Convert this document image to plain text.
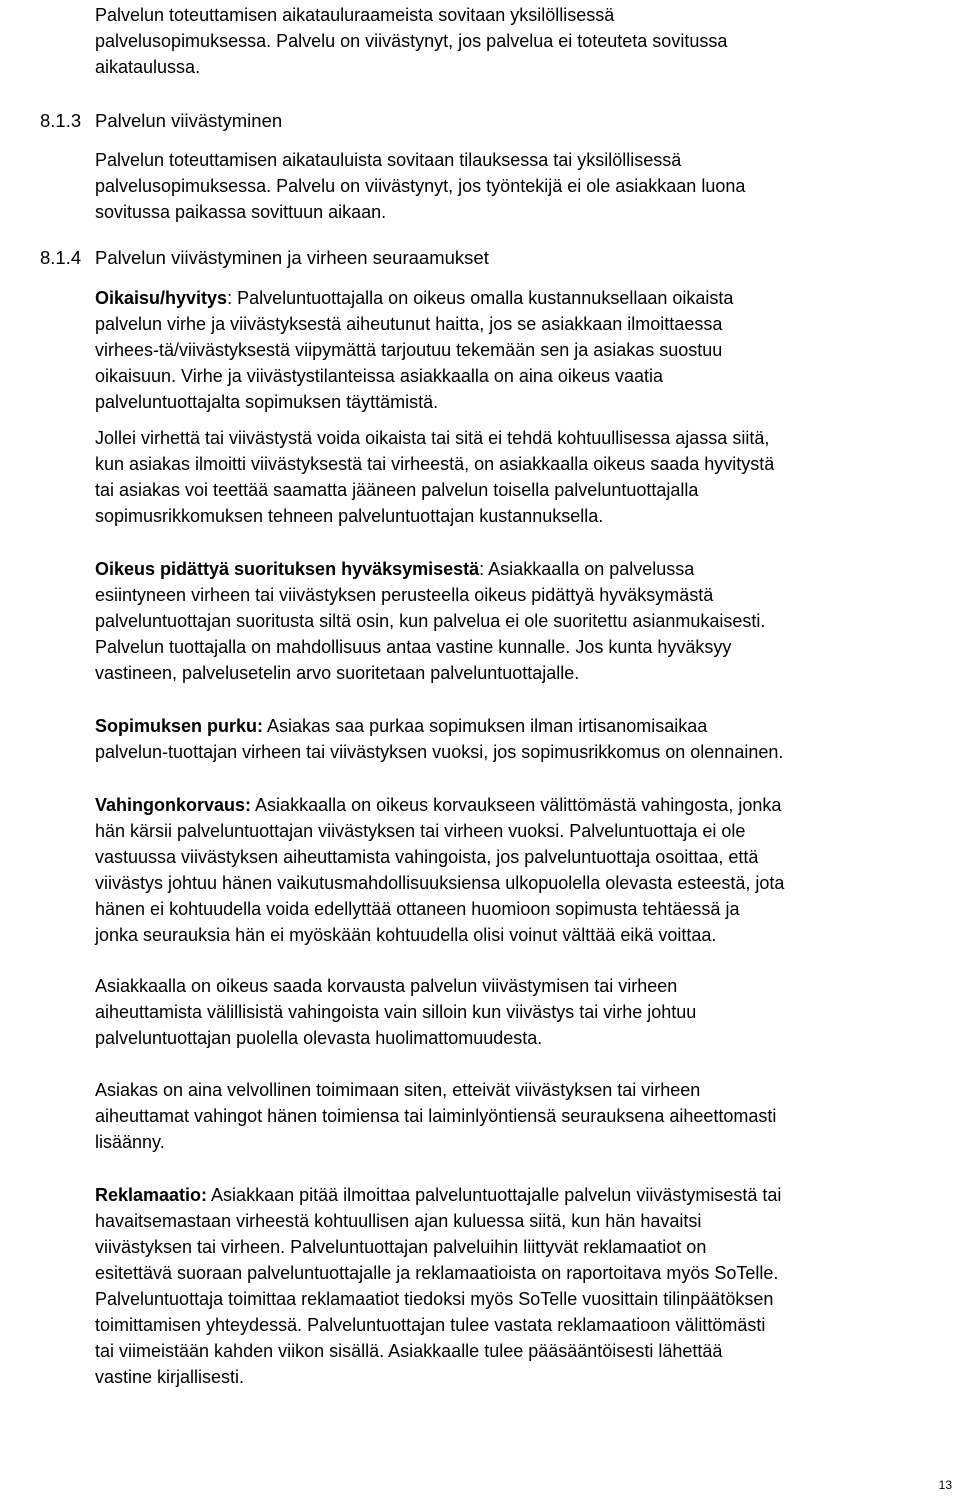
Palvelun toteuttamisen aikatauluraameista sovitaan yksilöllisessä
palvelusopimuksessa. Palvelu on viivästynyt, jos palvelua ei toteuteta sovitussa
aikataulussa.

8.1.3 Palvelun viivästyminen

Palvelun toteuttamisen aikatauluista sovitaan tilauksessa tai yksilöllisessä
palvelusopimuksessa. Palvelu on viivästynyt, jos työntekijä ei ole asiakkaan luona
sovitussa paikassa sovittuun aikaan.

8.1.4 Palvelun viivästyminen ja virheen seuraamukset

Oikaisu/hyvitys: Palveluntuottajalla on oikeus omalla kustannuksellaan oikaista
palvelun virhe ja viivästyksestä aiheutunut haitta, jos se asiakkaan ilmoittaessa
virhees-tä/viivästyksestä viipymättä tarjoutuu tekemään sen ja asiakas suostuu
oikaisuun. Virhe ja viivästystilanteissa asiakkaalla on aina oikeus vaatia
palveluntuottajalta sopimuksen täyttämistä.

Jollei virhettä tai viivästystä voida oikaista tai sitä ei tehdä kohtuullisessa ajassa siitä,
kun asiakas ilmoitti viivästyksestä tai virheestä, on asiakkaalla oikeus saada hyvitystä
tai asiakas voi teettää saamatta jääneen palvelun toisella palveluntuottajalla
sopimusrikkomuksen tehneen palveluntuottajan kustannuksella.

Oikeus pidättyä suorituksen hyväksymisestä: Asiakkaalla on palvelussa
esiintyneen virheen tai viivästyksen perusteella oikeus pidättyä hyväksymästä
palveluntuottajan suoritusta siltä osin, kun palvelua ei ole suoritettu asianmukaisesti.
Palvelun tuottajalla on mahdollisuus antaa vastine kunnalle. Jos kunta hyväksyy
vastineen, palvelusetelin arvo suoritetaan palveluntuottajalle.

Sopimuksen purku: Asiakas saa purkaa sopimuksen ilman irtisanomisaikaa
palvelun-tuottajan virheen tai viivästyksen vuoksi, jos sopimusrikkomus on olennainen.

Vahingonkorvaus: Asiakkaalla on oikeus korvaukseen välittömästä vahingosta, jonka
hän kärsii palveluntuottajan viivästyksen tai virheen vuoksi. Palveluntuottaja ei ole
vastuussa viivästyksen aiheuttamista vahingoista, jos palveluntuottaja osoittaa, että
viivästys johtuu hänen vaikutusmahdollisuuksiensa ulkopuolella olevasta esteestä, jota
hänen ei kohtuudella voida edellyttää ottaneen huomioon sopimusta tehtäessä ja
jonka seurauksia hän ei myöskään kohtuudella olisi voinut välttää eikä voittaa.

Asiakkaalla on oikeus saada korvausta palvelun viivästymisen tai virheen
aiheuttamista välillisistä vahingoista vain silloin kun viivästys tai virhe johtuu
palveluntuottajan puolella olevasta huolimattomuudesta.

Asiakas on aina velvollinen toimimaan siten, etteivät viivästyksen tai virheen
aiheuttamat vahingot hänen toimiensa tai laiminlyöntiensä seurauksena aiheettomasti
lisäänny.

Reklamaatio: Asiakkaan pitää ilmoittaa palveluntuottajalle palvelun viivästymisestä tai
havaitsemastaan virheestä kohtuullisen ajan kuluessa siitä, kun hän havaitsi
viivästyksen tai virheen. Palveluntuottajan palveluihin liittyvät reklamaatiot on
esitettävä suoraan palveluntuottajalle ja reklamaatioista on raportoitava myös SoTelle.
Palveluntuottaja toimittaa reklamaatiot tiedoksi myös SoTelle vuosittain tilinpäätöksen
toimittamisen yhteydessä. Palveluntuottajan tulee vastata reklamaatioon välittömästi
tai viimeistään kahden viikon sisällä. Asiakkaalle tulee pääsääntöisesti lähettää
vastine kirjallisesti.

13
